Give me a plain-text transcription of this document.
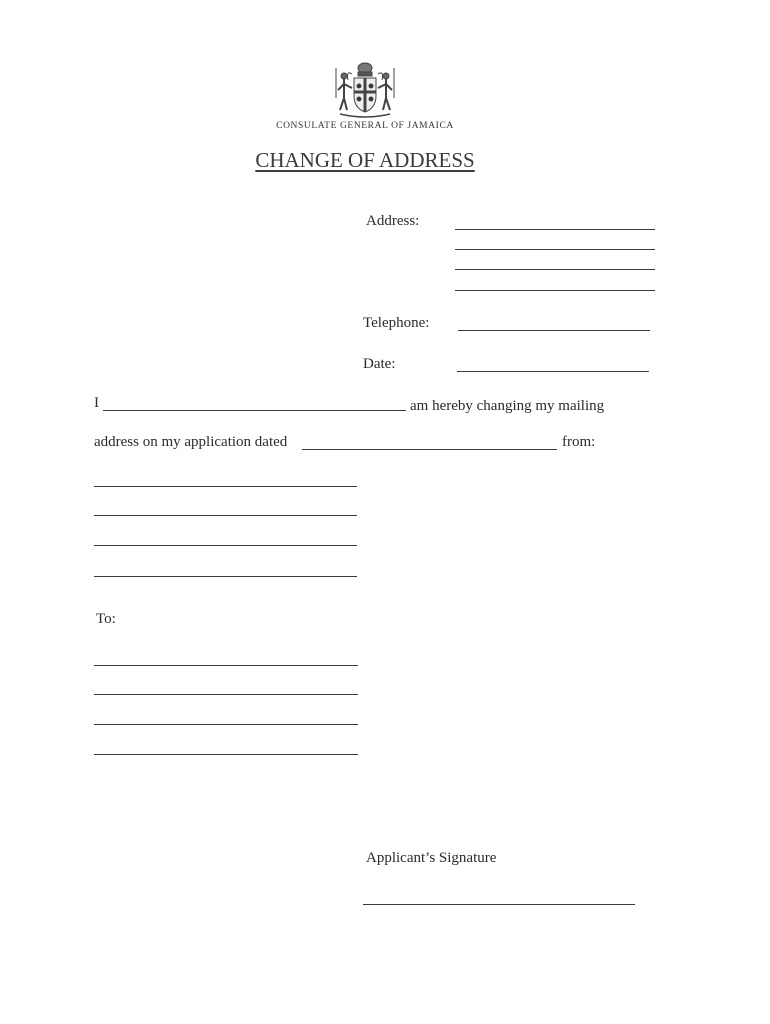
CONSULATE GENERAL OF JAMAICA
CHANGE OF ADDRESS
Address:
Telephone:
Date:
I	am hereby changing my mailing
address on my application dated	from:
To:
Applicant’s Signature
